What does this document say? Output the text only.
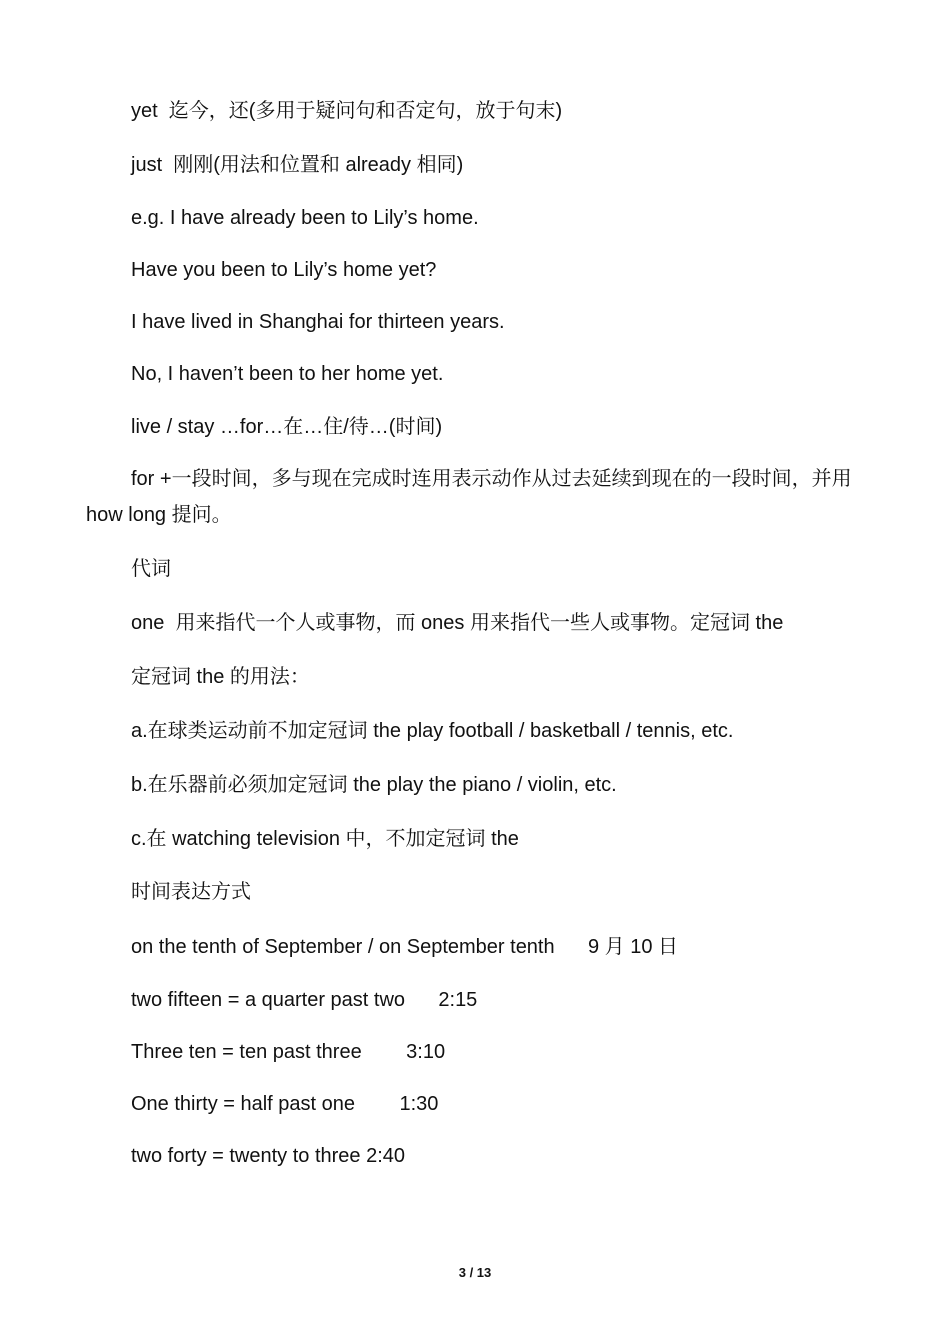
yet  迄今，还(多用于疑问句和否定句，放于句末)
just  刚刚(用法和位置和 already 相同)
e.g. I have already been to Lily’s home.
Have you been to Lily’s home yet?
I have lived in Shanghai for thirteen years.
No, I haven’t been to her home yet.
live / stay …for…在…住/待…(时间)
for +一段时间，多与现在完成时连用表示动作从过去延续到现在的一段时间，并用 how long 提问。
代词
one  用来指代一个人或事物，而 ones 用来指代一些人或事物。定冠词 the
定冠词 the 的用法：
a.在球类运动前不加定冠词 the play football / basketball / tennis, etc.
b.在乐器前必须加定冠词 the play the piano / violin, etc.
c.在 watching television 中，不加定冠词 the
时间表达方式
on the tenth of September / on September tenth      9 月 10 日
two fifteen = a quarter past two      2:15
Three ten = ten past three        3:10
One thirty = half past one        1:30
two forty = twenty to three 2:40
3 / 13
